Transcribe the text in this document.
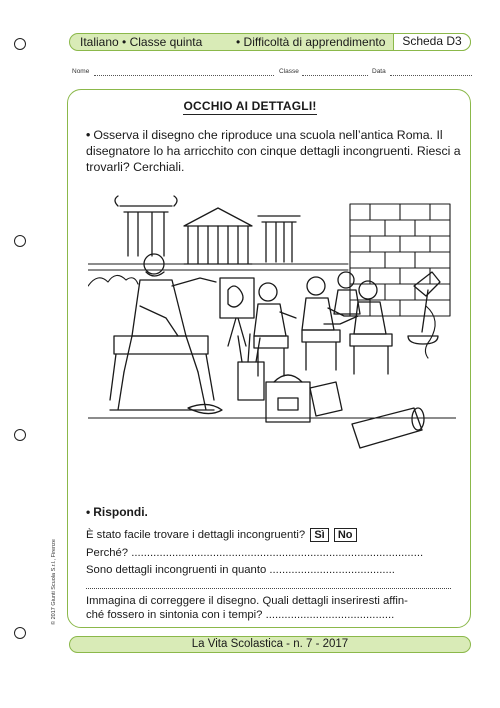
Italiano • Classe quinta	• Difficoltà di apprendimento	Scheda D3
Nome	Classe	Data
OCCHIO AI DETTAGLI!
• Osserva il disegno che riproduce una scuola nell’antica Roma. Il disegnatore lo ha arricchito con cinque dettagli incongruenti. Riesci a trovarli? Cerchiali.
• Rispondi.
È stato facile trovare i dettagli incongruenti? Sì No
Perché? .............................................................................................
Sono dettagli incongruenti in quanto ........................................
Immagina di correggere il disegno. Quali dettagli inseriresti affin-
ché fossero in sintonia con i tempi? .........................................
© 2017 Giunti Scuola S.r.l., Firenze
La Vita Scolastica - n. 7 - 2017
